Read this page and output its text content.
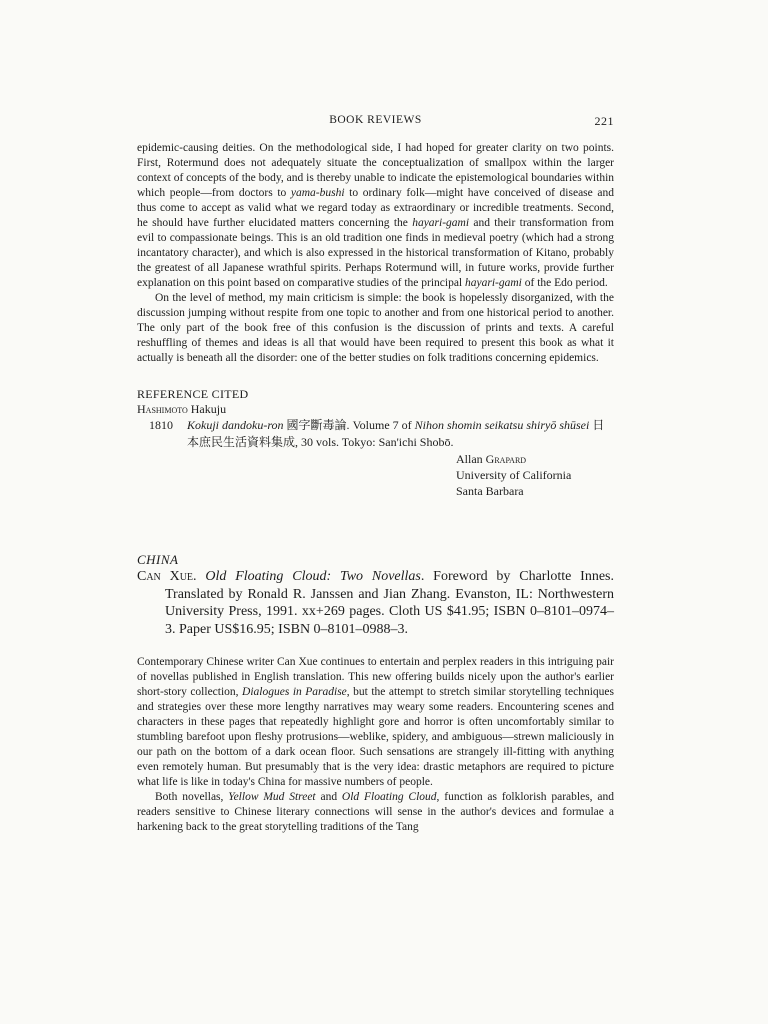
BOOK REVIEWS	221

epidemic-causing deities. On the methodological side, I had hoped for greater clarity on two points. First, Rotermund does not adequately situate the conceptualization of smallpox within the larger context of concepts of the body, and is thereby unable to indicate the epistemological boundaries within which people—from doctors to yama-bushi to ordinary folk—might have conceived of disease and thus come to accept as valid what we regard today as extraordinary or incredible treatments. Second, he should have further elucidated matters concerning the hayari-gami and their transformation from evil to compassionate beings. This is an old tradition one finds in medieval poetry (which had a strong incantatory character), and which is also expressed in the historical transformation of Kitano, probably the greatest of all Japanese wrathful spirits. Perhaps Rotermund will, in future works, provide further explanation on this point based on comparative studies of the principal hayari-gami of the Edo period.

On the level of method, my main criticism is simple: the book is hopelessly disorganized, with the discussion jumping without respite from one topic to another and from one historical period to another. The only part of the book free of this confusion is the discussion of prints and texts. A careful reshuffling of themes and ideas is all that would have been required to present this book as what it actually is beneath all the disorder: one of the better studies on folk traditions concerning epidemics.

REFERENCE CITED
Hashimoto Hakuju
1810	Kokuji dandoku-ron 國字斷毒論. Volume 7 of Nihon shomin seikatsu shiryō shūsei 日本庶民生活資料集成, 30 vols. Tokyo: San'ichi Shobō.
Allan Grapard
University of California
Santa Barbara
CHINA

Can Xue. Old Floating Cloud: Two Novellas. Foreword by Charlotte Innes. Translated by Ronald R. Janssen and Jian Zhang. Evanston, IL: Northwestern University Press, 1991. xx+269 pages. Cloth US $41.95; ISBN 0–8101–0974–3. Paper US$16.95; ISBN 0–8101–0988–3.

Contemporary Chinese writer Can Xue continues to entertain and perplex readers in this intriguing pair of novellas published in English translation. This new offering builds nicely upon the author's earlier short-story collection, Dialogues in Paradise, but the attempt to stretch similar storytelling techniques and strategies over these more lengthy narratives may weary some readers. Encountering scenes and characters in these pages that repeatedly highlight gore and horror is often uncomfortably similar to stumbling barefoot upon fleshy protrusions—weblike, spidery, and ambiguous—strewn maliciously in our path on the bottom of a dark ocean floor. Such sensations are strangely ill-fitting with anything even remotely human. But presumably that is the very idea: drastic metaphors are required to picture what life is like in today's China for massive numbers of people.

Both novellas, Yellow Mud Street and Old Floating Cloud, function as folklorish parables, and readers sensitive to Chinese literary connections will sense in the author's devices and formulae a harkening back to the great storytelling traditions of the Tang
